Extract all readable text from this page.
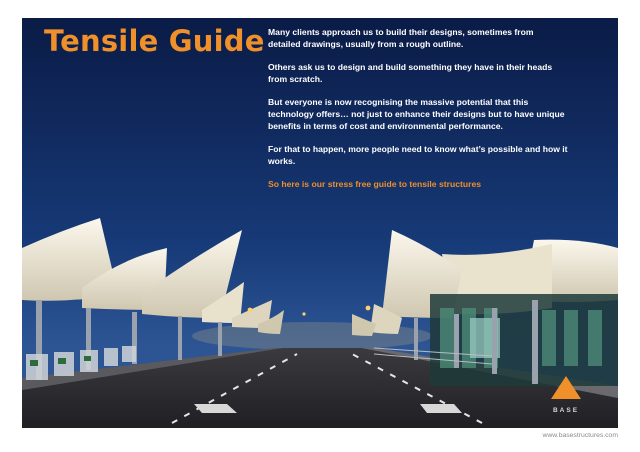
Tensile Guide Many clients approach us to build their designs, sometimes from detailed drawings, usually from a rough outline.

Others ask us to design and build something they have in their heads from scratch.

But everyone is now recognising the massive potential that this technology offers… not just to enhance their designs but to have unique benefits in terms of cost and environmental performance.

For that to happen, more people need to know what’s possible and how it works.

So here is our stress free guide to tensile structures

BASE
www.basestructures.com
